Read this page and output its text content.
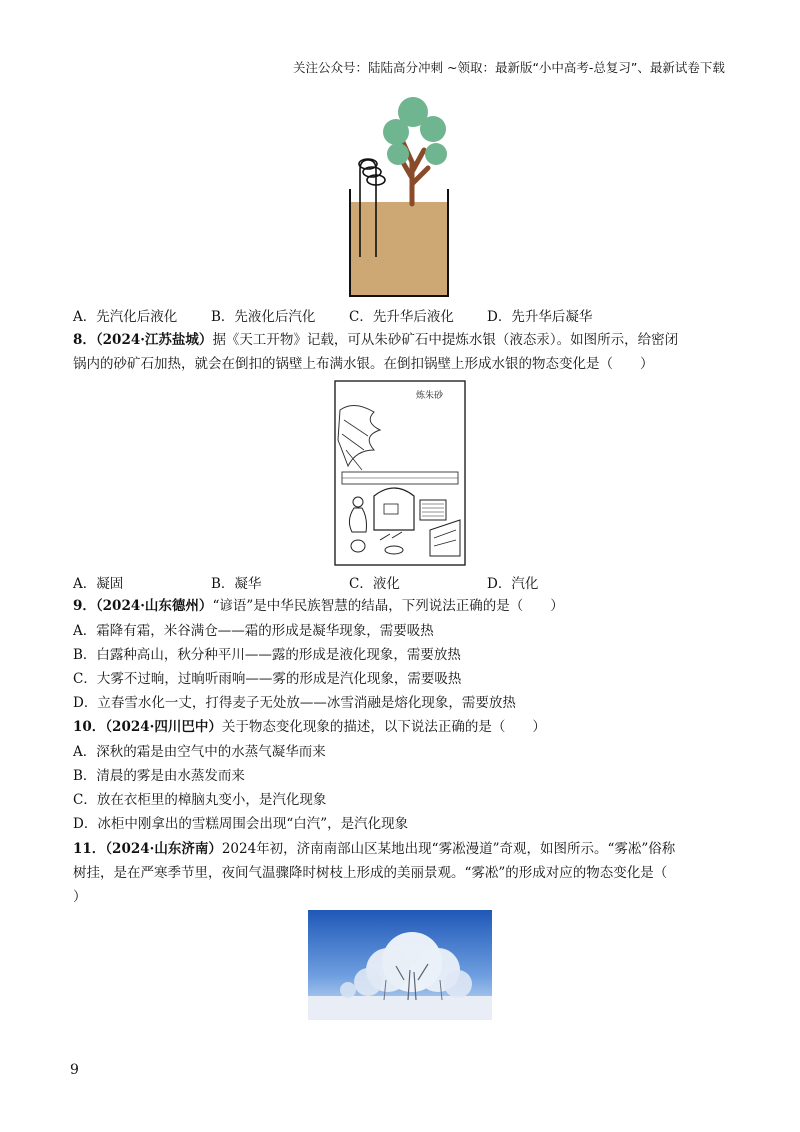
关注公众号：陆陆高分冲刺 ~领取：最新版“小中高考-总复习”、最新试卷下载
A．先汽化后液化	B．先液化后汽化 C．先升华后液化 D．先升华后凝华
8．（2024·江苏盐城）据《天工开物》记载，可从朱砂矿石中提炼水银（液态汞）。如图所示，给密闭
锅内的砂矿石加热，就会在倒扣的锅壁上布满水银。在倒扣锅壁上形成水银的物态变化是（　　）
炼朱砂
A．凝固	B．凝华	C．液化	D．汽化
9．（2024·山东德州）“谚语”是中华民族智慧的结晶，下列说法正确的是（　　）
A．霜降有霜，米谷满仓——霜的形成是凝华现象，需要吸热
B．白露种高山，秋分种平川——露的形成是液化现象，需要放热
C．大雾不过晌，过晌听雨响——雾的形成是汽化现象，需要吸热
D．立春雪水化一丈，打得麦子无处放——冰雪消融是熔化现象，需要放热
10．（2024·四川巴中）关于物态变化现象的描述，以下说法正确的是（　　）
A．深秋的霜是由空气中的水蒸气凝华而来
B．清晨的雾是由水蒸发而来
C．放在衣柜里的樟脑丸变小，是汽化现象
D．冰柜中刚拿出的雪糕周围会出现“白汽”，是汽化现象
11．（2024·山东济南）2024年初，济南南部山区某地出现“雾凇漫道”奇观，如图所示。“雾凇”俗称
树挂，是在严寒季节里，夜间气温骤降时树枝上形成的美丽景观。“雾凇”的形成对应的物态变化是（
）
9
